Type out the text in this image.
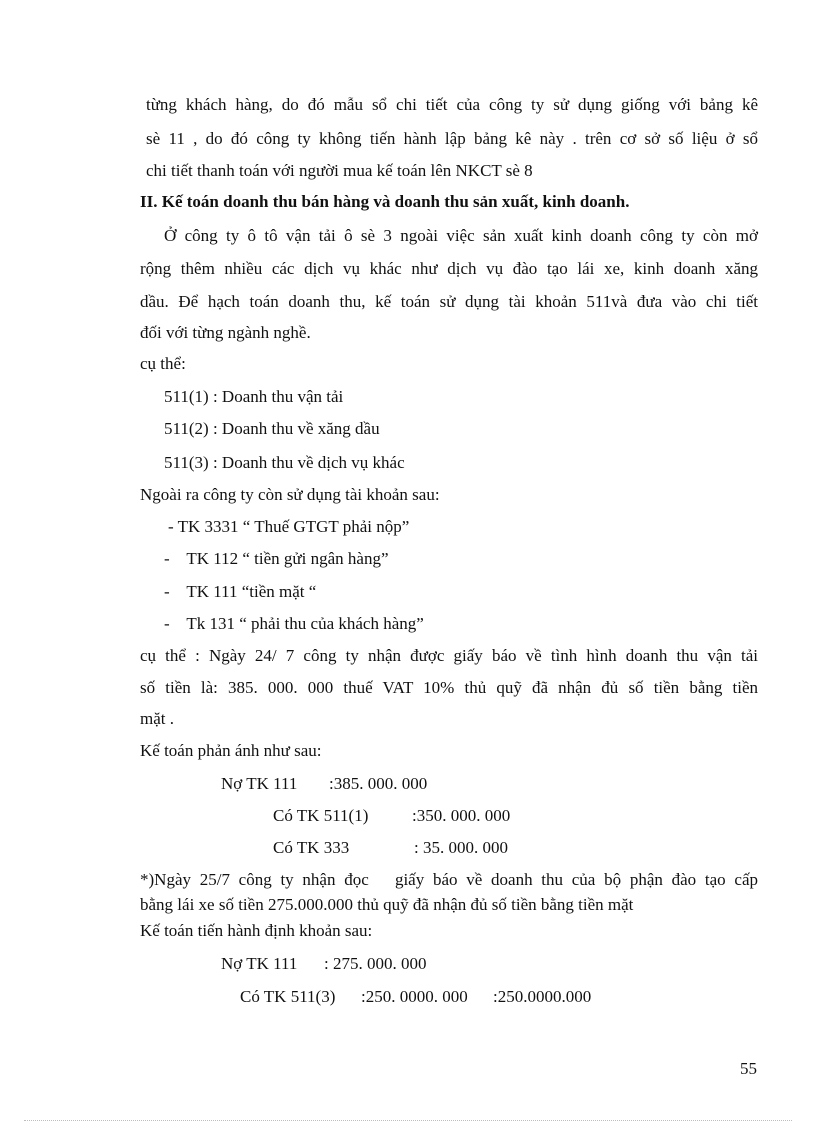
từng khách hàng, do đó mẫu sổ chi tiết của công ty sử dụng giống với bảng kê
sè 11 , do đó công ty không tiến hành lập bảng kê này . trên cơ sở số liệu ở sổ
chi tiết thanh toán với người mua kế toán lên NKCT sè 8
II. Kế toán doanh thu bán hàng và doanh thu sản xuất, kinh doanh.
Ở công ty ô tô vận tải ô sè 3 ngoài việc sản xuất kinh doanh công ty còn mở
rộng thêm nhiều các dịch vụ khác như dịch vụ đào tạo lái xe, kinh doanh xăng
dầu. Để hạch toán doanh thu, kế toán sử dụng tài khoản 511và đưa vào chi tiết
đối với từng ngành nghề.
cụ thể:
511(1) : Doanh thu vận tải
511(2) : Doanh thu về xăng dầu
511(3) : Doanh thu về dịch vụ khác
Ngoài ra công ty còn sử dụng tài khoản sau:
- TK 3331 “ Thuế GTGT phải nộp”
-    TK 112 “ tiền gửi ngân hàng”
-    TK 111 “tiền mặt “
-    Tk 131 “ phải thu của khách hàng”
cụ thể : Ngày 24/ 7 công ty nhận được giấy báo về tình hình doanh thu vận tải
số tiền là: 385. 000. 000 thuế VAT 10% thủ quỹ đã nhận đủ số tiền bằng tiền
mặt .
Kế toán phản ánh như sau:
Nợ TK 111	:385. 000. 000
Có TK 511(1)	:350. 000. 000
Có TK 333	: 35. 000. 000
*)Ngày 25/7 công ty nhận đọc   giấy báo về doanh thu của bộ phận đào tạo cấp
bằng lái xe số tiền 275.000.000 thủ quỹ đã nhận đủ số tiền bằng tiền mặt
Kế toán tiến hành định khoản sau:
Nợ TK 111	: 275. 000. 000
Có TK 511(3)	:250. 0000. 000	:250.0000.000
55
